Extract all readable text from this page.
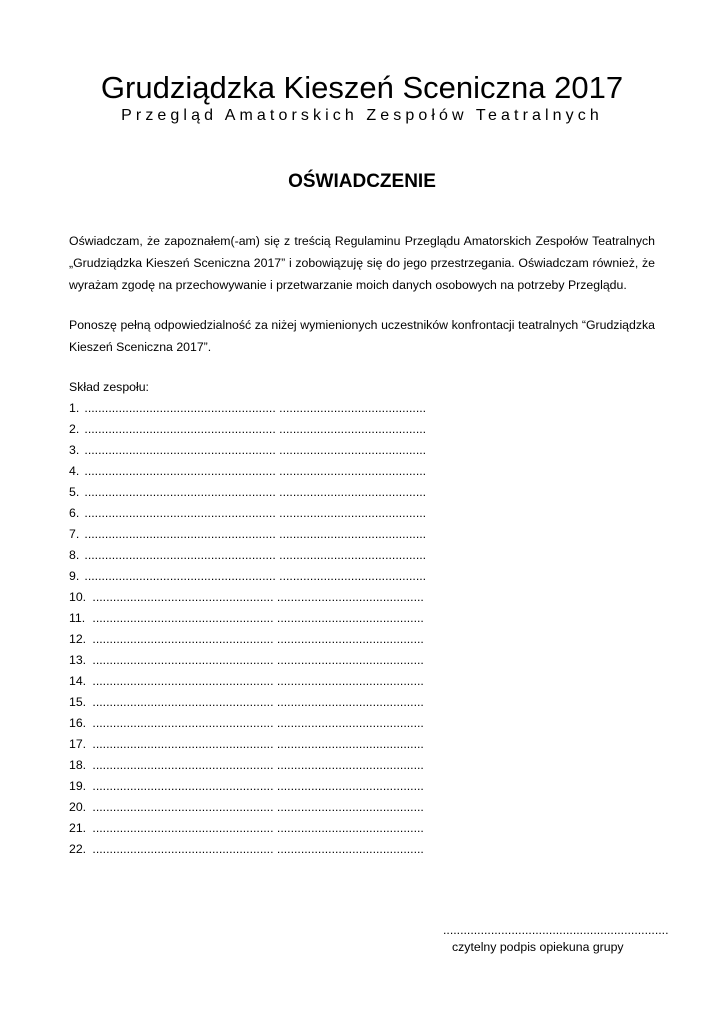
Grudziądzka Kieszeń Sceniczna 2017
Przegląd Amatorskich Zespołów Teatralnych
OŚWIADCZENIE
Oświadczam, że zapoznałem(-am) się z treścią Regulaminu Przeglądu Amatorskich Zespołów Teatralnych „Grudziądzka Kieszeń Sceniczna 2017” i zobowiązuję się do jego przestrzegania. Oświadczam również, że wyrażam zgodę na przechowywanie i przetwarzanie moich danych osobowych na potrzeby Przeglądu.
Ponoszę pełną odpowiedzialność za niżej wymienionych uczestników konfrontacji teatralnych “Grudziądzka Kieszeń Sceniczna 2017”.
Skład zespołu:
1. ........................................................ ...........................................
2. ........................................................ ...........................................
3. ........................................................ ...........................................
4. ........................................................ ...........................................
5. ........................................................ ...........................................
6. ........................................................ ...........................................
7. ........................................................ ...........................................
8. ........................................................ ...........................................
9. ........................................................ ...........................................
10. ..................................................... ...........................................
11. ..................................................... ...........................................
12. ..................................................... ...........................................
13. ..................................................... ...........................................
14. ..................................................... ...........................................
15. ..................................................... ...........................................
16. ..................................................... ...........................................
17. ..................................................... ...........................................
18. ..................................................... ...........................................
19. ..................................................... ...........................................
20. ..................................................... ...........................................
21. ..................................................... ...........................................
22. ..................................................... ...........................................
..................................................................
czytelny podpis opiekuna grupy
